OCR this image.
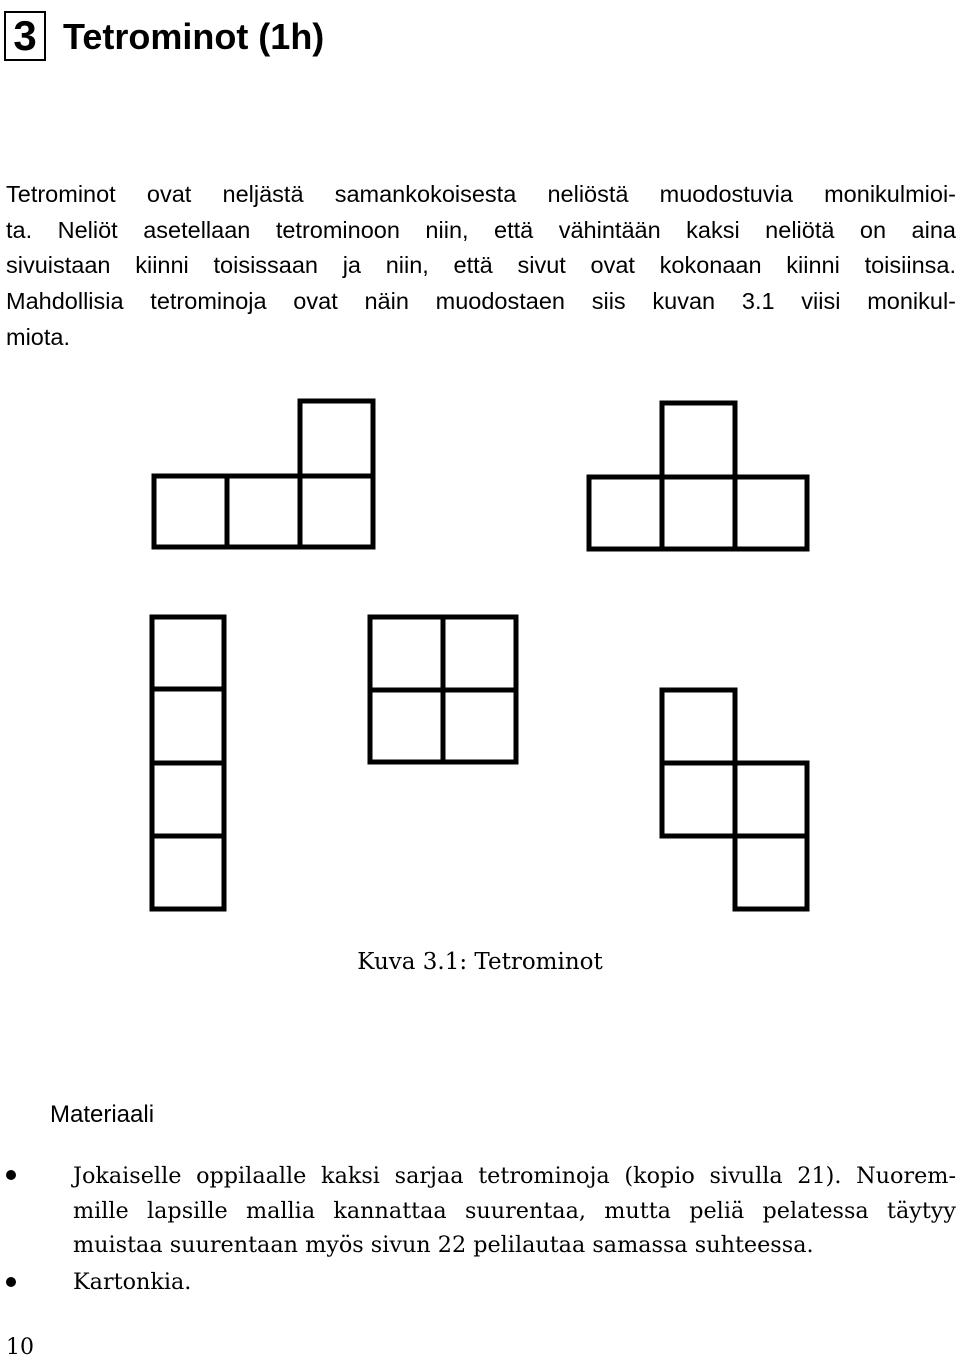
3 Tetrominot (1h)
Tetrominot ovat neljästä samankokoisesta neliöstä muodostuvia monikulmioi-
ta. Neliöt asetellaan tetrominoon niin, että vähintään kaksi neliötä on aina
sivuistaan kiinni toisissaan ja niin, että sivut ovat kokonaan kiinni toisiinsa.
Mahdollisia tetrominoja ovat näin muodostaen siis kuvan 3.1 viisi monikul-
miota.
Kuva 3.1: Tetrominot
Materiaali
Jokaiselle oppilaalle kaksi sarjaa tetrominoja (kopio sivulla 21). Nuorem-
mille lapsille mallia kannattaa suurentaa, mutta peliä pelatessa täytyy
muistaa suurentaan myös sivun 22 pelilautaa samassa suhteessa.
Kartonkia.
10
